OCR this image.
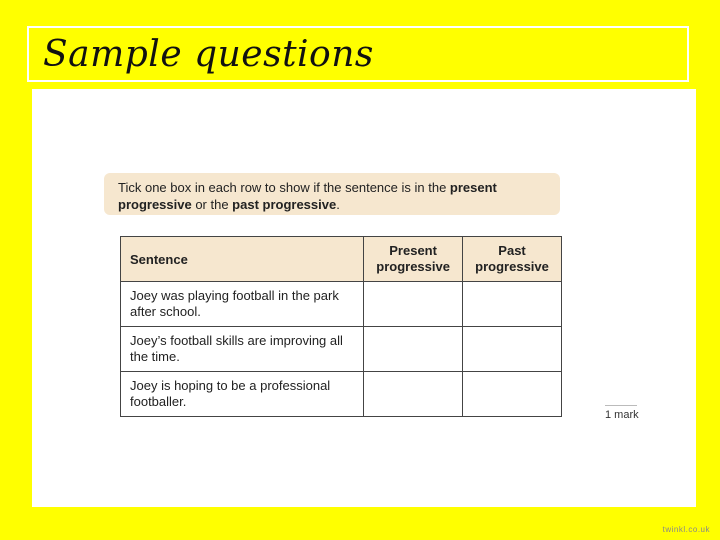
Sample questions
Tick one box in each row to show if the sentence is in the present progressive or the past progressive.
Sentence	Present progressive	Past progressive
Joey was playing football in the park after school.		
Joey’s football skills are improving all the time.		
Joey is hoping to be a professional footballer.		
1 mark
twinkl.co.uk
